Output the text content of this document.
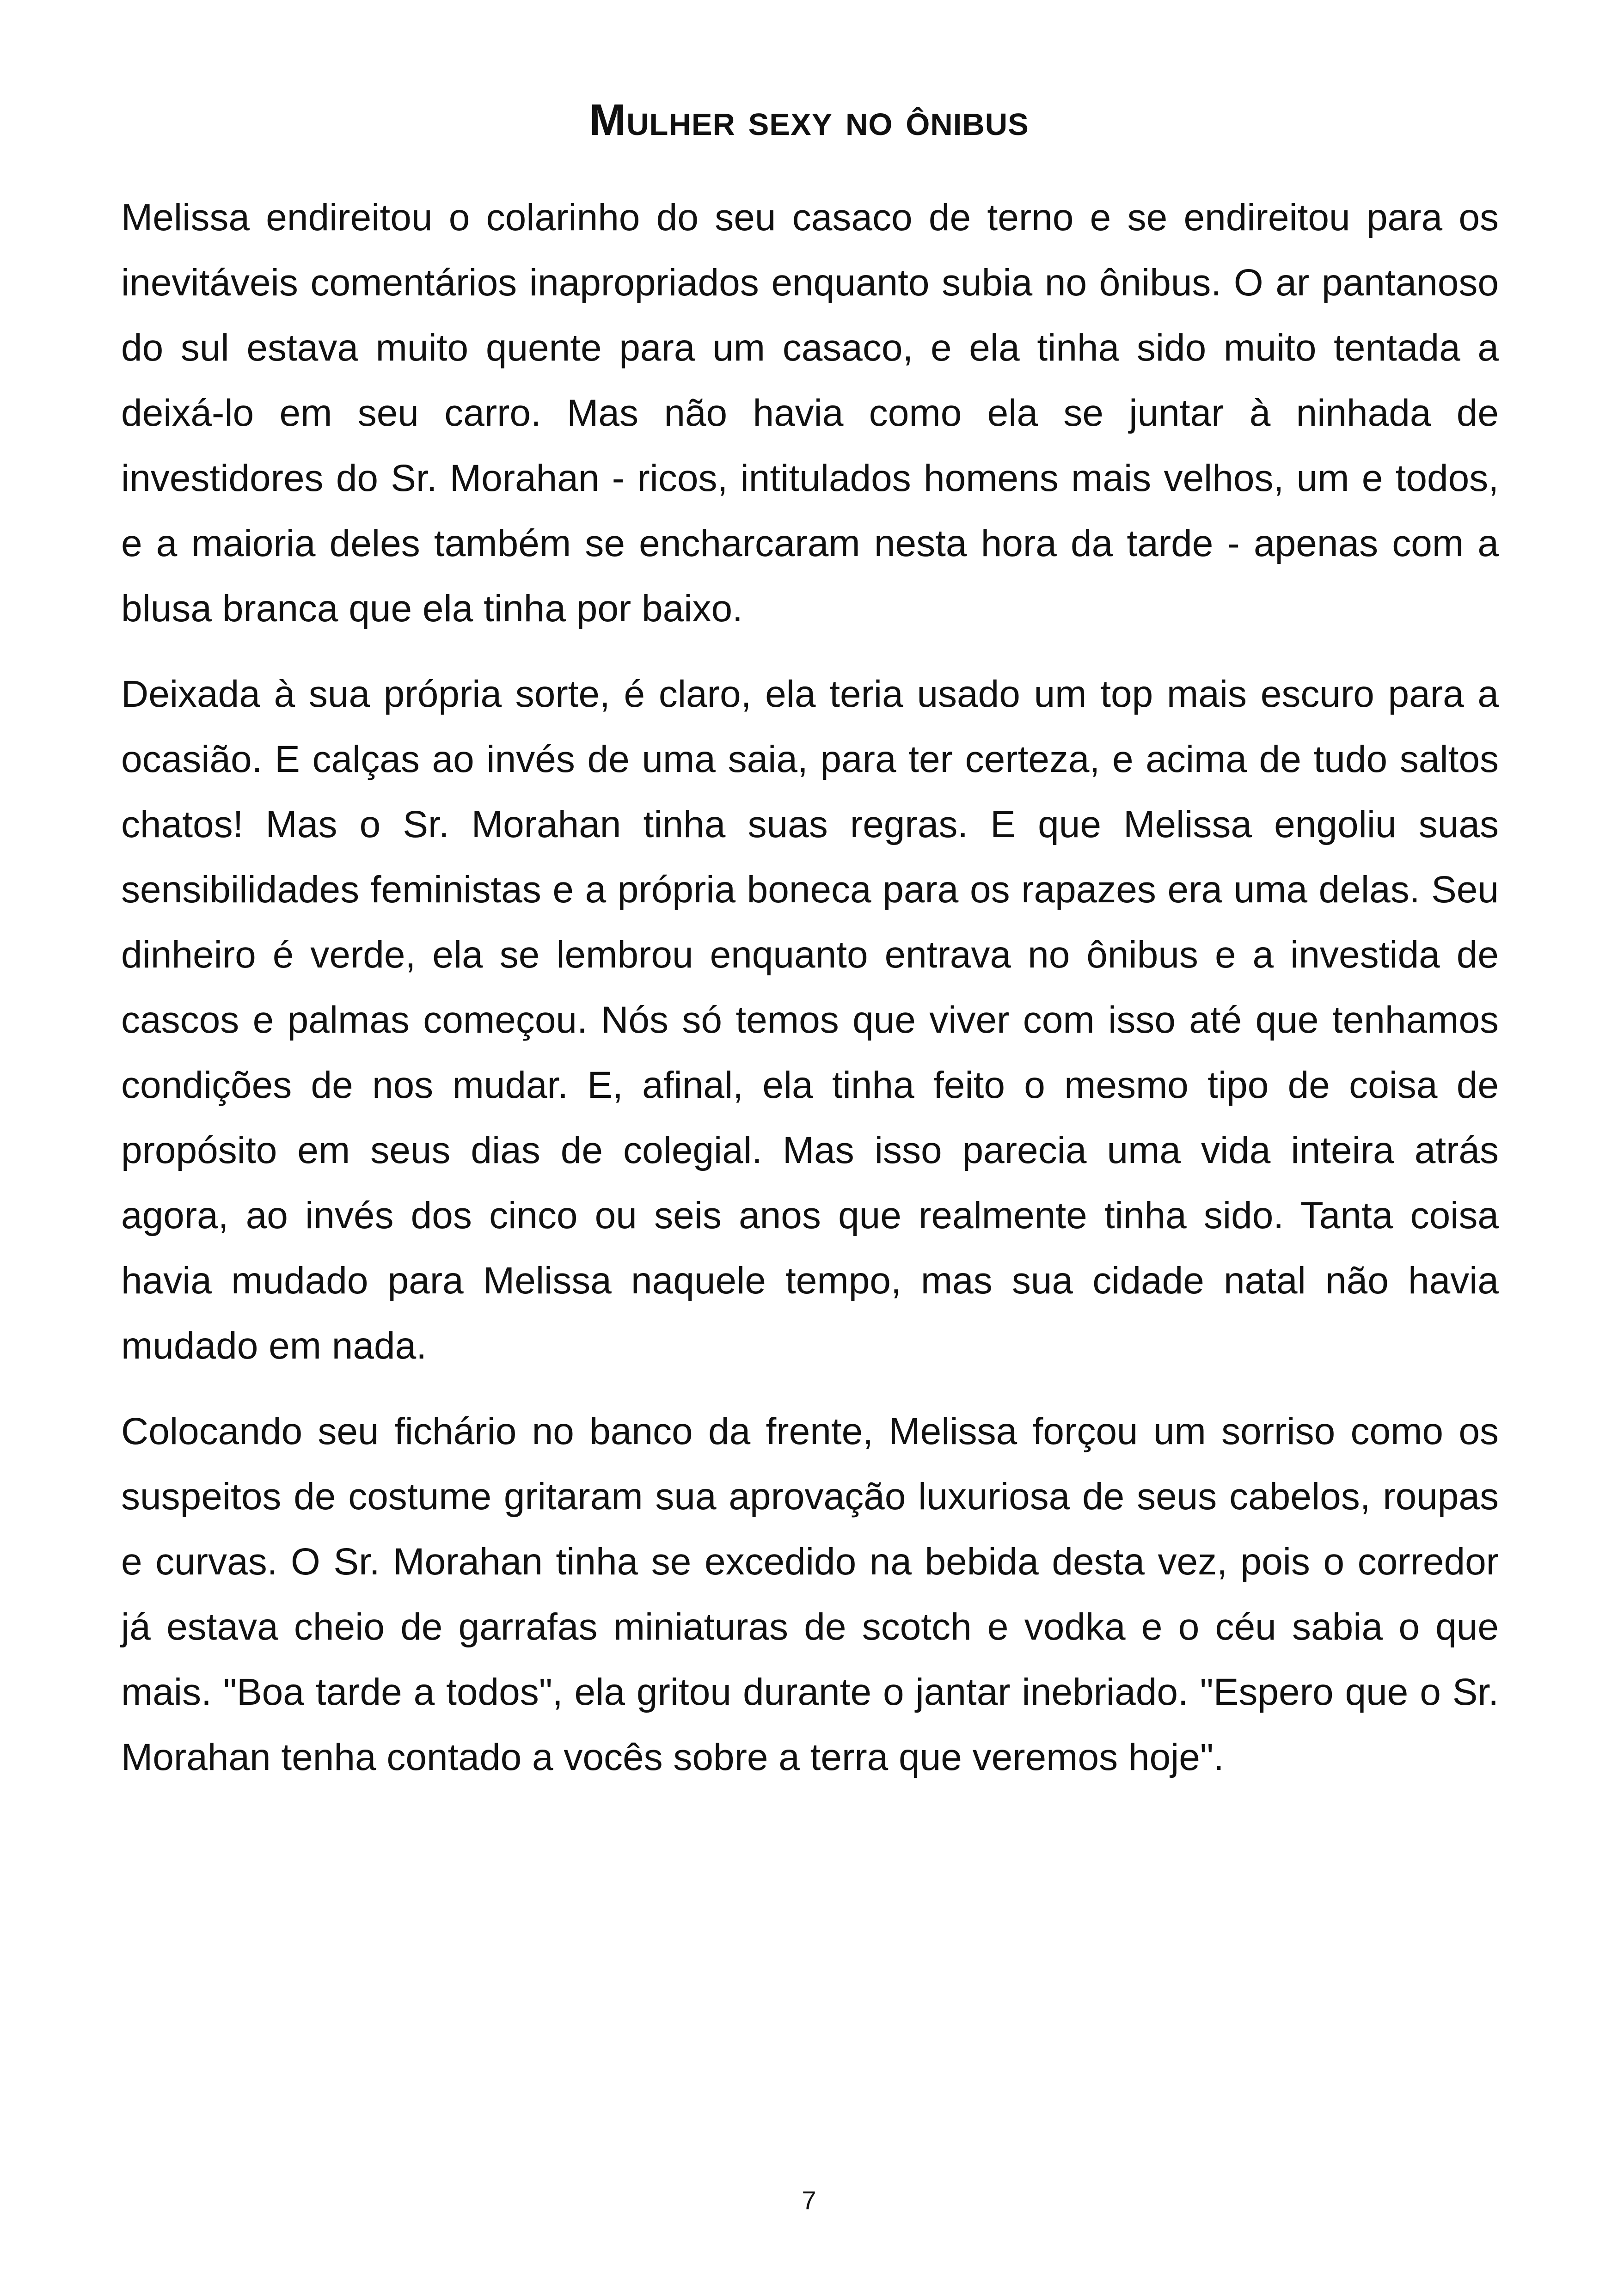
Mulher sexy no ônibus

Melissa endireitou o colarinho do seu casaco de terno e se endireitou para os inevitáveis comentários inapropriados enquanto subia no ônibus. O ar pantanoso do sul estava muito quente para um casaco, e ela tinha sido muito tentada a deixá-lo em seu carro. Mas não havia como ela se juntar à ninhada de investidores do Sr. Morahan - ricos, intitulados homens mais velhos, um e todos, e a maioria deles também se encharcaram nesta hora da tarde - apenas com a blusa branca que ela tinha por baixo.

Deixada à sua própria sorte, é claro, ela teria usado um top mais escuro para a ocasião. E calças ao invés de uma saia, para ter certeza, e acima de tudo saltos chatos! Mas o Sr. Morahan tinha suas regras. E que Melissa engoliu suas sensibilidades feministas e a própria boneca para os rapazes era uma delas. Seu dinheiro é verde, ela se lembrou enquanto entrava no ônibus e a investida de cascos e palmas começou. Nós só temos que viver com isso até que tenhamos condições de nos mudar. E, afinal, ela tinha feito o mesmo tipo de coisa de propósito em seus dias de colegial. Mas isso parecia uma vida inteira atrás agora, ao invés dos cinco ou seis anos que realmente tinha sido. Tanta coisa havia mudado para Melissa naquele tempo, mas sua cidade natal não havia mudado em nada.

Colocando seu fichário no banco da frente, Melissa forçou um sorriso como os suspeitos de costume gritaram sua aprovação luxuriosa de seus cabelos, roupas e curvas. O Sr. Morahan tinha se excedido na bebida desta vez, pois o corredor já estava cheio de garrafas miniaturas de scotch e vodka e o céu sabia o que mais. "Boa tarde a todos", ela gritou durante o jantar inebriado. "Espero que o Sr. Morahan tenha contado a vocês sobre a terra que veremos hoje".

7
